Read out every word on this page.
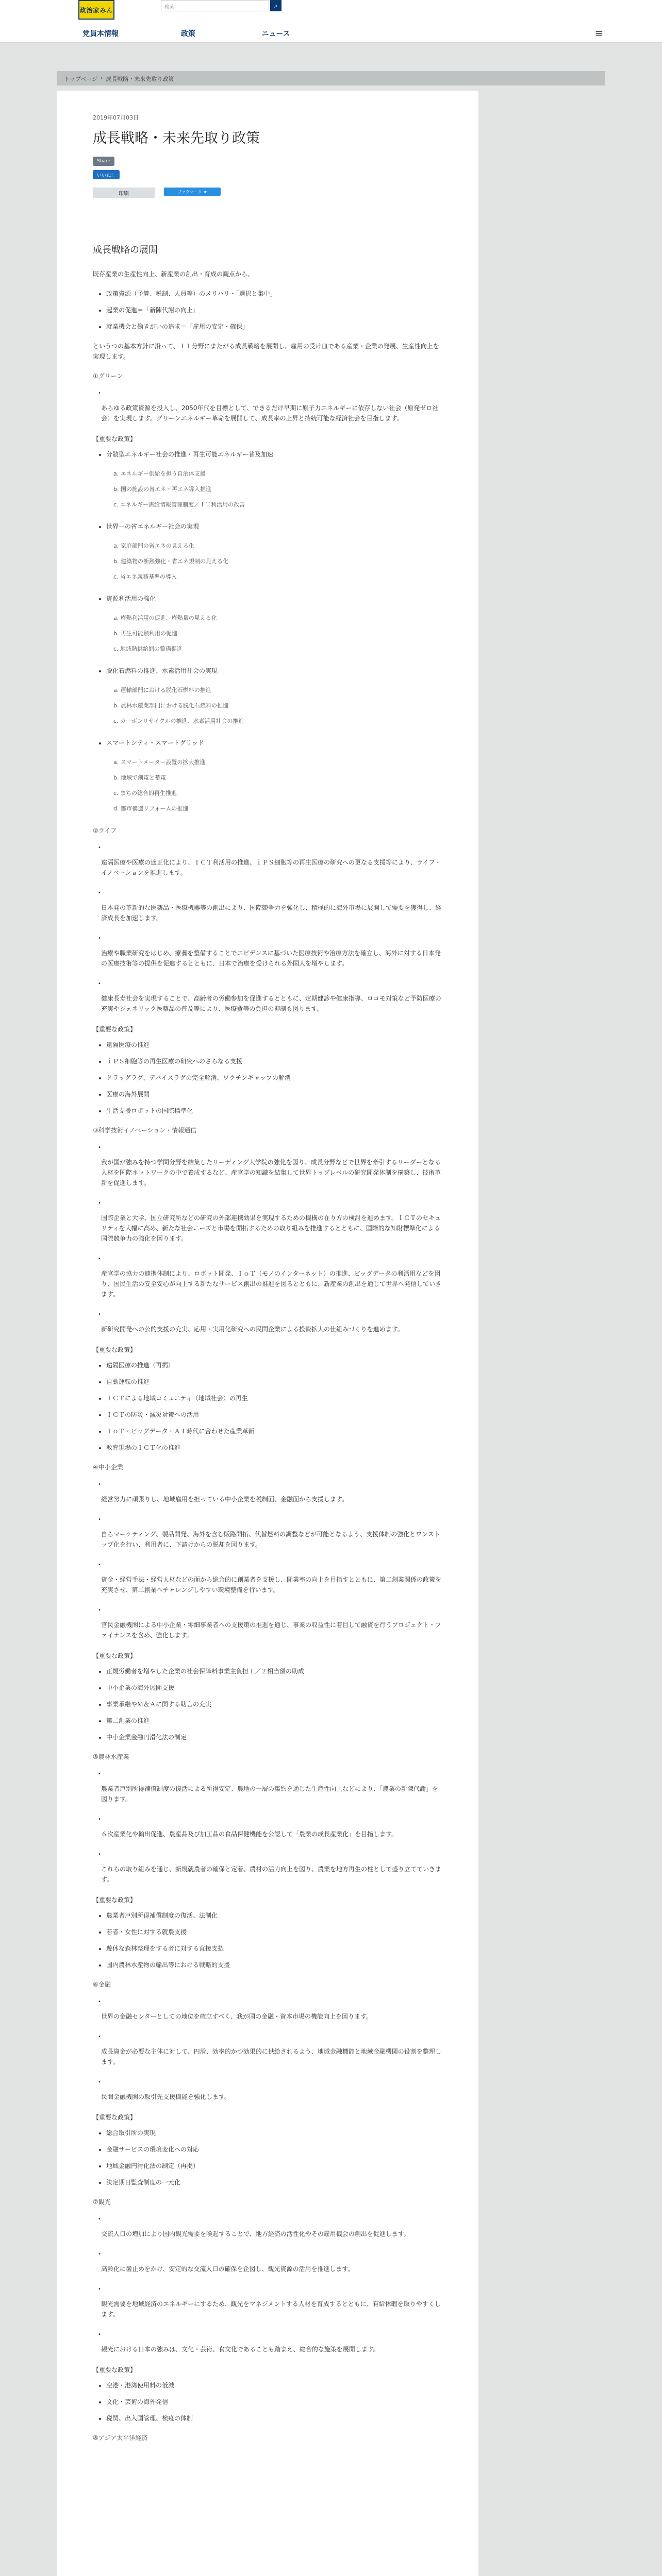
政治家みん	検索	⌕
党員本情報	政策	ニュース	≡
トップページ › 成長戦略・未来先取り政策
2019年07月03日
成長戦略・未来先取り政策
Share
いいね！
印刷	ブックマーク ★
成長戦略の展開

既存産業の生産性向上、新産業の創出・育成の観点から、

• 政策資源（予算、税制、人員等）のメリハリ・「選択と集中」
• 起業の促進＝「新陳代謝の向上」
• 就業機会と働きがいの追求＝「雇用の安定・確保」

というつの基本方針に沿って、１１分野にまたがる成長戦略を展開し、雇用の受け皿である産業・企業の発展、生産性向上を実現します。

①グリーン
•
あらゆる政策資源を投入し、2050年代を目標として、できるだけ早期に原子力エネルギーに依存しない社会（原発ゼロ社会）を実現します。グリーンエネルギー革命を展開して、成長率の上昇と持続可能な経済社会を目指します。
【重要な政策】
• 分散型エネルギー社会の推進・再生可能エネルギー普及加速
a. エネルギー供給を担う自治体支援
b. 国の施設の省エネ・再エネ導入推進
c. エネルギー需給情報管理制度／ＩＴ利活用の改善
• 世界一の省エネルギー社会の実現
a. 家庭部門の省エネの見える化
b. 建築物の断熱強化・省エネ規制の見える化
c. 省エネ義務基準の導入
• 資源利活用の強化
a. 廃熱利活用の促進、廃熱量の見える化
b. 再生可能熱利用の促進
c. 地域熱供給網の整備促進
• 脱化石燃料の推進、水素活用社会の実現
a. 運輸部門における脱化石燃料の推進
b. 農林水産業部門における脱化石燃料の推進
c. カーボンリサイクルの推進、水素活用社会の推進
• スマートシティ・スマートグリッド
a. スマートメーター設置の拡大推進
b. 地域で創電と蓄電
c. まちの総合的再生推進
d. 都市構造リフォームの推進
②ライフ
•
遠隔医療や医療の適正化により、ＩＣＴ利活用の推進、ｉＰＳ細胞等の再生医療の研究への更なる支援等により、ライフ・イノベーションを推進します。
•
日本発の革新的な医薬品・医療機器等の創出により、国際競争力を強化し、積極的に海外市場に展開して需要を獲得し、経済成長を加速します。
•
治療や職業研究をはじめ、療養を整備することでエビデンスに基づいた医療技術や治療方法を確立し、海外に対する日本発の医療技術等の提供を促進するとともに、日本で治療を受けられる外国人を増やします。
•
健康長寿社会を実現することで、高齢者の労働参加を促進するとともに、定期健診や健康指導、ロコモ対策など予防医療の充実やジェネリック医薬品の普及等により、医療費等の負担の抑制も図ります。
【重要な政策】
• 遠隔医療の推進
• ｉＰＳ細胞等の再生医療の研究へのさらなる支援
• ドラッグラグ、デバイスラグの完全解消、ワクチンギャップの解消
• 医療の海外展開
• 生活支援ロボットの国際標準化
③科学技術イノベーション・情報通信
•
我が国が強みを持つ学問分野を結集したリーディング大学院の強化を図り、成長分野などで世界を牽引するリーダーとなる人材を国際ネットワークの中で養成するなど、産官学の知識を結集して世界トップレベルの研究開発体制を構築し、技術革新を促進します。
•
国際企業と大学、国立研究所などの研究の外部連携効果を実現するための機構の在り方の検討を進めます。ＩＣＴのセキュリティを大幅に高め、新たな社会ニーズと市場を開拓するための取り組みを推進するとともに、国際的な知財標準化による国際競争力の強化を図ります。
•
産官学の協力の連携体制により、ロボット開発、ＩｏＴ（モノのインターネット）の推進、ビッグデータの利活用などを図り、国民生活の安全安心が向上する新たなサービス創出の推進を図るとともに、新産業の創出を通じて世界へ発信していきます。
•
新研究開発への公的支援の充実、応用・実用化研究への民間企業による投資拡大の仕組みづくりを進めます。
【重要な政策】
• 遠隔医療の推進（再掲）
• 自動運転の推進
• ＩＣＴによる地域コミュニティ（地域社会）の再生
• ＩＣＴの防災・減災対策への活用
• ＩｏＴ・ビッグデータ・ＡＩ時代に合わせた産業革新
• 教育現場のＩＣＴ化の推進
④中小企業
•
経営努力に頑張りし、地域雇用を担っている中小企業を税制面、金融面から支援します。
•
自らマーケティング、製品開発、海外を含む販路開拓、代替燃料の調整などが可能となるよう、支援体制の強化とワンストップ化を行い、利用者に、下請けからの脱却を図ります。
•
資金・経営手法・経営人材などの面から総合的に創業者を支援し、開業率の向上を目指すとともに、第二創業関係の政策を充実させ、第二創業へチャレンジしやすい環境整備を行います。
•
官民金融機関による中小企業・零細事業者への支援策の推進を通じ、事業の収益性に着目して融資を行うプロジェクト・ファイナンスを含め、強化します。
【重要な政策】
• 正規労働者を増やした企業の社会保障料事業主負担１／２相当額の助成
• 中小企業の海外展開支援
• 事業承継やＭ＆Ａに関する助言の充実
• 第二創業の推進
• 中小企業金融円滑化法の制定
⑤農林水産業
•
農業者戸別所得補償制度の復活による所得安定、農地の一層の集約を通じた生産性向上などにより、「農業の新陳代謝」を図ります。
•
６次産業化や輸出促進、農産品及び加工品の食品保健機能を公認して「農業の成長産業化」を目指します。
•
これらの取り組みを通じ、新規就農者の確保と定着、農村の活力向上を図り、農業を地方再生の柱として盛り立てていきます。
【重要な政策】
• 農業者戸別所得補償制度の復活、法制化
• 若者・女性に対する就農支援
• 遊休な森林整理をする者に対する直接支払
• 国内農林水産物の輸出等における戦略的支援
⑥金融
•
世界の金融センターとしての地位を確立すべく、我が国の金融・資本市場の機能向上を図ります。
•
成長資金が必要な主体に対して、円滑、効率的かつ効果的に供給されるよう、地域金融機能と地域金融機関の役割を整理します。
•
民間金融機関の取引先支援機能を強化します。
【重要な政策】
• 総合取引所の実現
• 金融サービスの環境変化への対応
• 地域金融円滑化法の制定（再掲）
• 決定期日監査制度の一元化
⑦観光
•
交流人口の増加により国内観光需要を喚起することで、地方経済の活性化やその雇用機会の創出を促進します。
•
高齢化に歯止めをかけ、安定的な交流人口の確保を企図し、観光資源の活用を推進します。
•
観光需要を地域経済のエネルギーにするため、観光をマネジメントする人材を育成するとともに、有給休暇を取りやすくします。
•
観光における日本の強みは、文化・芸術、食文化であることも踏まえ、総合的な施策を展開します。
【重要な政策】
• 空港・港湾使用料の低減
• 文化・芸術の海外発信
• 税関、出入国管理、検疫の体制
⑧アジア太平洋経済
